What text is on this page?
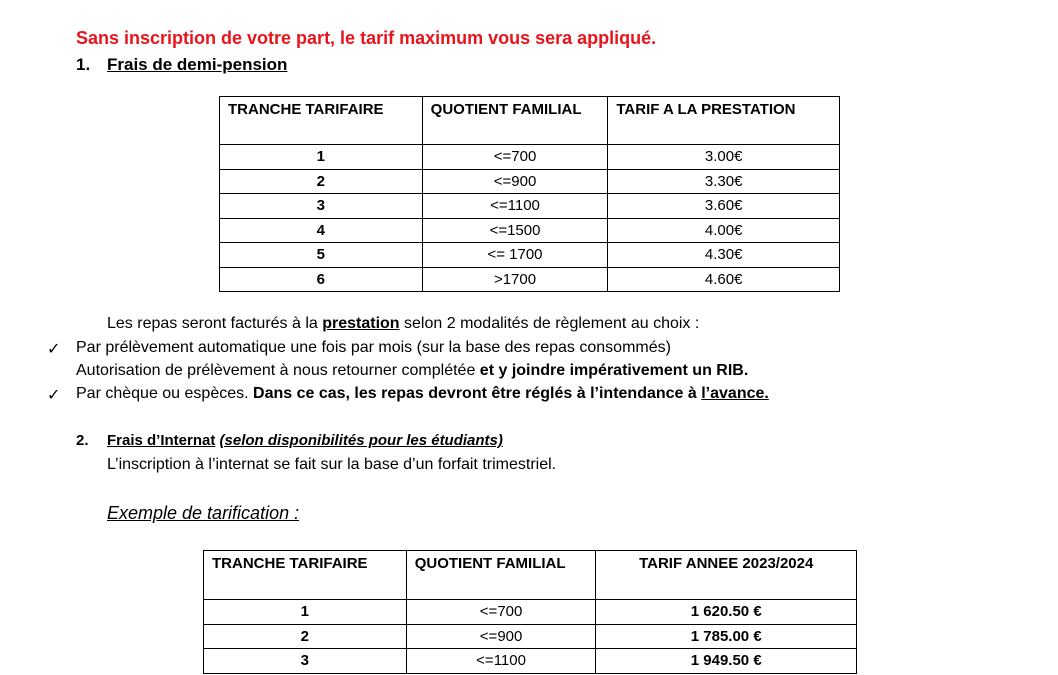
Sans inscription de votre part, le tarif maximum vous sera appliqué.
1. Frais de demi-pension
TRANCHE TARIFAIRE	QUOTIENT FAMILIAL	TARIF A LA PRESTATION
1	<=700	3.00€
2	<=900	3.30€
3	<=1100	3.60€
4	<=1500	4.00€
5	<= 1700	4.30€
6	>1700	4.60€
Les repas seront facturés à la prestation selon 2 modalités de règlement au choix :
✓ Par prélèvement automatique une fois par mois (sur la base des repas consommés)
Autorisation de prélèvement à nous retourner complétée et y joindre impérativement un RIB.
✓ Par chèque ou espèces. Dans ce cas, les repas devront être réglés à l’intendance à l’avance.
2. Frais d’Internat (selon disponibilités pour les étudiants)
L’inscription à l’internat se fait sur la base d’un forfait trimestriel.
Exemple de tarification :
TRANCHE TARIFAIRE	QUOTIENT FAMILIAL	TARIF ANNEE 2023/2024
1	<=700	1 620.50 €
2	<=900	1 785.00 €
3	<=1100	1 949.50 €
